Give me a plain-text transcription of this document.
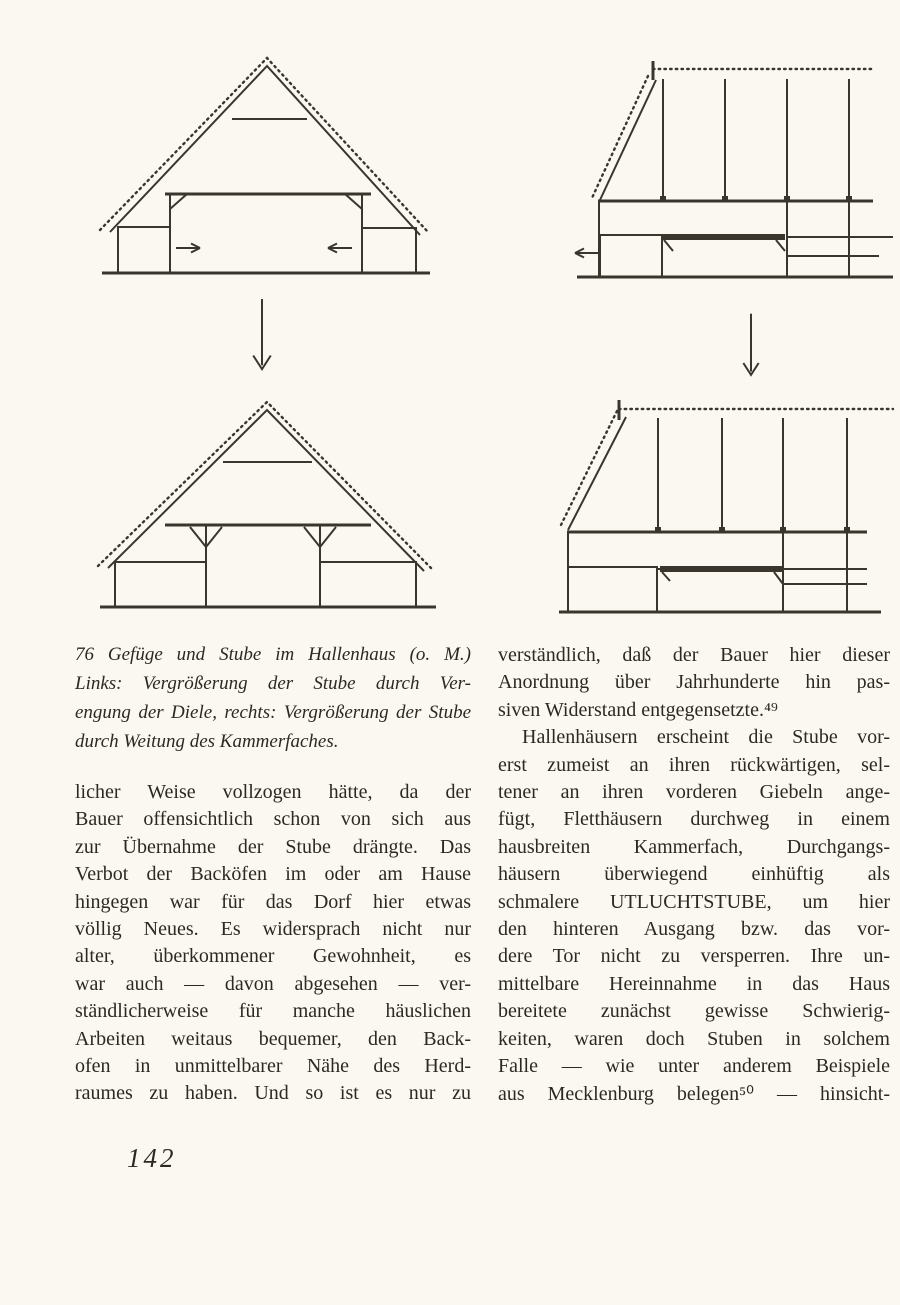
76 Gefüge und Stube im Hallenhaus (o. M.)
Links: Vergrößerung der Stube durch Ver-
engung der Diele, rechts: Vergrößerung der Stube
durch Weitung des Kammerfaches.
licher Weise vollzogen hätte, da der
Bauer offensichtlich schon von sich aus
zur Übernahme der Stube drängte. Das
Verbot der Backöfen im oder am Hause
hingegen war für das Dorf hier etwas
völlig Neues. Es widersprach nicht nur
alter, überkommener Gewohnheit, es
war auch — davon abgesehen — ver-
ständlicherweise für manche häuslichen
Arbeiten weitaus bequemer, den Back-
ofen in unmittelbarer Nähe des Herd-
raumes zu haben. Und so ist es nur zu
verständlich, daß der Bauer hier dieser
Anordnung über Jahrhunderte hin pas-
siven Widerstand entgegensetzte.⁴⁹
Hallenhäusern erscheint die Stube vor-
erst zumeist an ihren rückwärtigen, sel-
tener an ihren vorderen Giebeln ange-
fügt, Fletthäusern durchweg in einem
hausbreiten Kammerfach, Durchgangs-
häusern überwiegend einhüftig als
schmalere UTLUCHTSTUBE, um hier
den hinteren Ausgang bzw. das vor-
dere Tor nicht zu versperren. Ihre un-
mittelbare Hereinnahme in das Haus
bereitete zunächst gewisse Schwierig-
keiten, waren doch Stuben in solchem
Falle — wie unter anderem Beispiele
aus Mecklenburg belegen⁵⁰ — hinsicht-
142
